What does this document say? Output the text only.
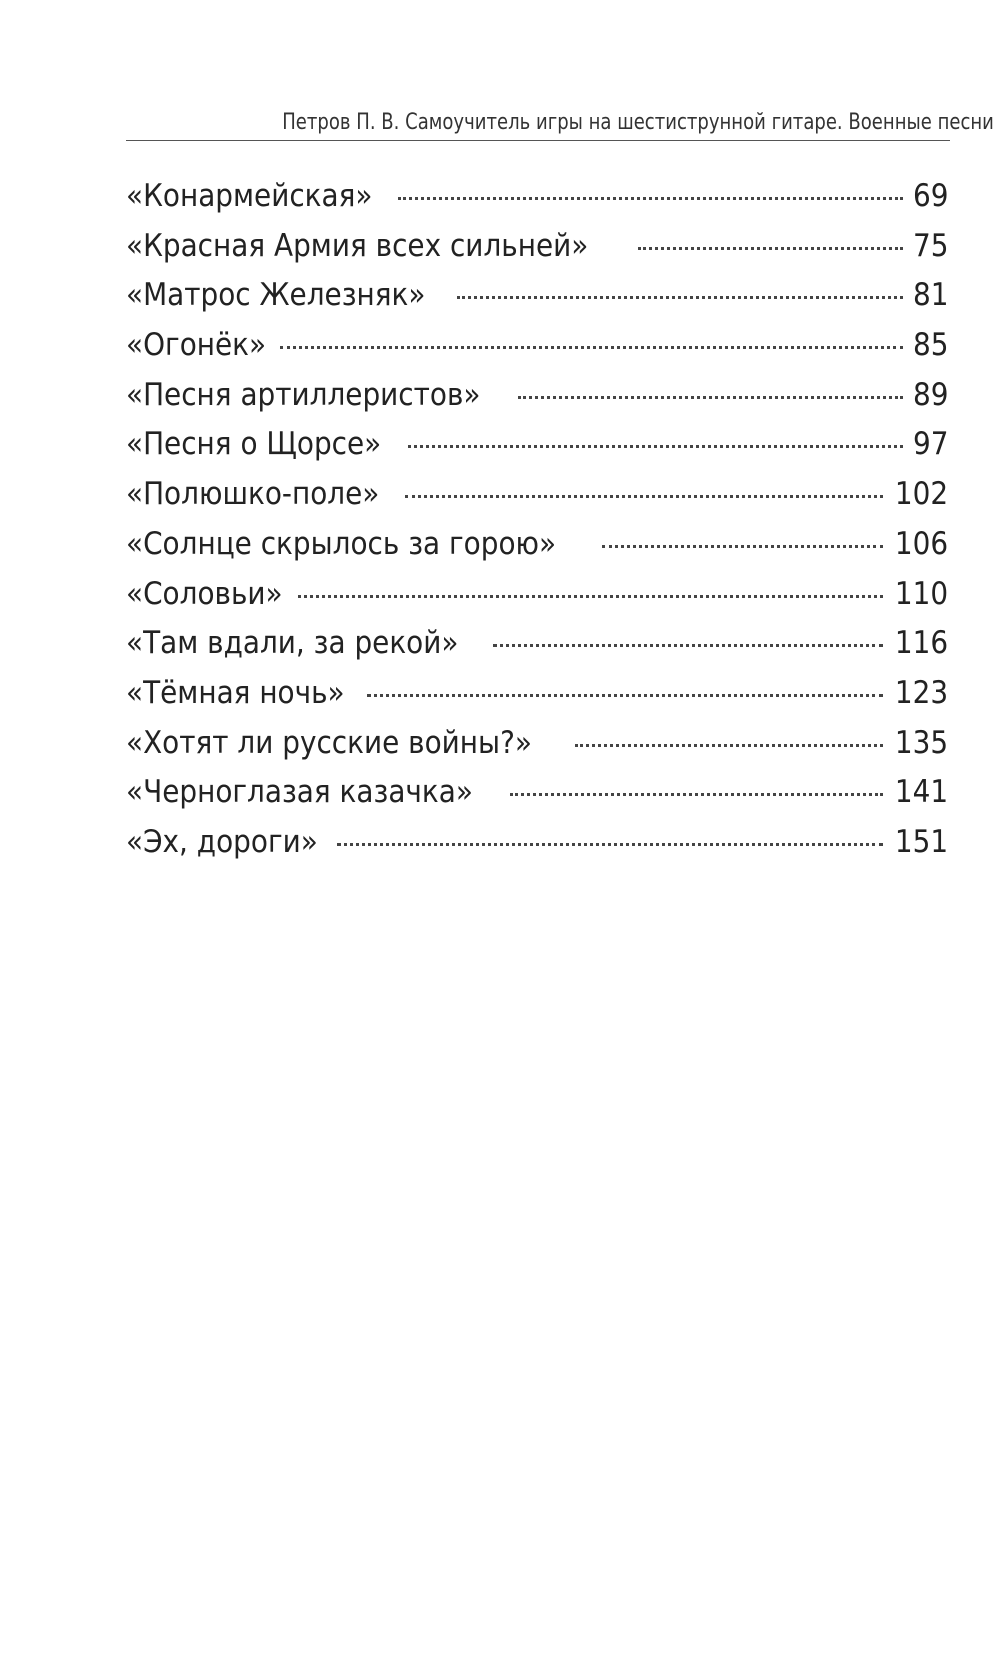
Петров П. В. Самоучитель игры на шестиструнной гитаре. Военные песни
«Конармейская»	69
«Красная Армия всех сильней»	75
«Матрос Железняк»	81
«Огонёк»	85
«Песня артиллеристов»	89
«Песня о Щорсе»	97
«Полюшко-поле»	102
«Солнце скрылось за горою»	106
«Соловьи»	110
«Там вдали, за рекой»	116
«Тёмная ночь»	123
«Хотят ли русские войны?»	135
«Черноглазая казачка»	141
«Эх, дороги»	151
